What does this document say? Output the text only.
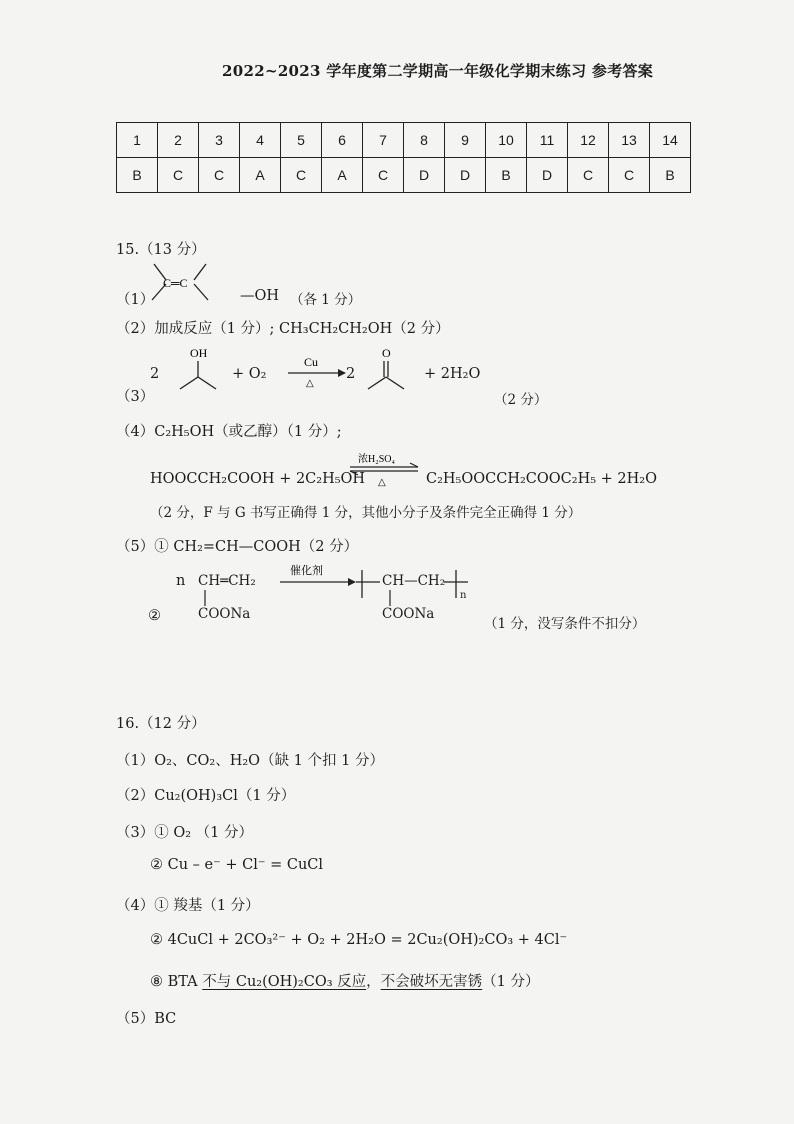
2022~2023 学年度第二学期高一年级化学期末练习 参考答案
1	2	3	4	5	6	7	8	9	10	11	12	13	14
B	C	C	A	C	A	C	D	D	B	D	C	C	B
15.（13 分）
（1）
C═C
—OH （各 1 分）
（2）加成反应（1 分）; CH₃CH₂CH₂OH（2 分）
（3）
2
OH
+ O₂
Cu
△
2
O
+ 2H₂O
（2 分）
（4）C₂H₅OH（或乙醇）（1 分）;
HOOCCH₂COOH + 2C₂H₅OH
浓H₂SO₄
△	C₂H₅OOCCH₂COOC₂H₅ + 2H₂O
（2 分，F 与 G 书写正确得 1 分，其他小分子及条件完全正确得 1 分）
（5）① CH₂=CH—COOH（2 分）
②
n CH═CH₂
COONa
催化剂
CH—CH₂
n
COONa
（1 分，没写条件不扣分）
16.（12 分）
（1）O₂、CO₂、H₂O（缺 1 个扣 1 分）
（2）Cu₂(OH)₃Cl（1 分）
（3）① O₂ （1 分）
② Cu – e⁻ + Cl⁻ = CuCl
（4）① 羧基（1 分）
② 4CuCl + 2CO₃²⁻ + O₂ + 2H₂O = 2Cu₂(OH)₂CO₃ + 4Cl⁻
⑧ BTA 不与 Cu₂(OH)₂CO₃ 反应，不会破坏无害锈（1 分）
（5）BC
